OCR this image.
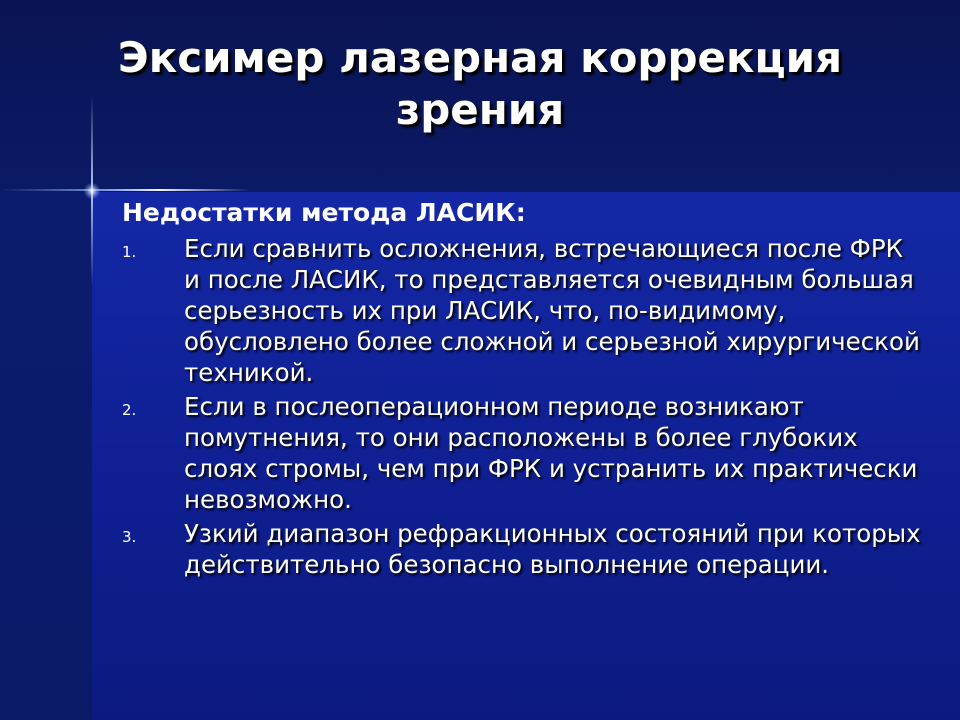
Эксимер лазерная коррекция зрения
Недостатки метода ЛАСИК:
1. Если сравнить осложнения, встречающиеся после ФРК и после ЛАСИК, то представляется очевидным большая серьезность их при ЛАСИК, что, по-видимому, обусловлено более сложной и серьезной хирургической техникой.
2. Если в послеоперационном периоде возникают помутнения, то они расположены в более глубоких слоях стромы, чем при ФРК и устранить их практически невозможно.
3. Узкий диапазон рефракционных состояний при которых действительно безопасно выполнение операции.
